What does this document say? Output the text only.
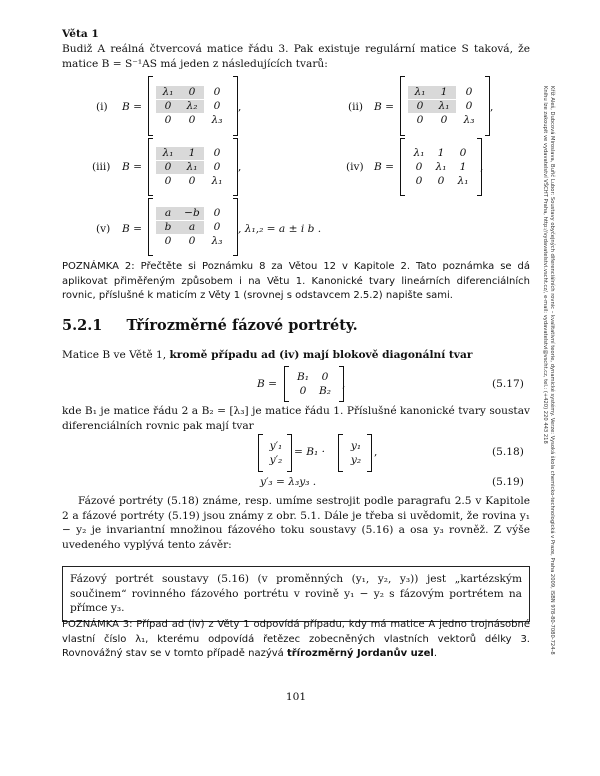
Věta 1
Budiž A reálná čtvercová matice řádu 3. Pak existuje regulární matice S taková, že matice B = S⁻¹AS má jeden z následujících tvarů:
(i) B =
λ₁	0	0
0	λ₂	0
0	0	λ₃
,	(ii) B =
λ₁	1	0
0	λ₁	0
0	0	λ₃
,
(iii) B =
λ₁	1	0
0	λ₁	0
0	0	λ₁
,	(iv) B =
λ₁	1	0
0	λ₁	1
0	0	λ₁
,
(v) B =
a	−b	0
b	a	0
0	0	λ₃
, λ₁,₂ = a ± i b .
POZNÁMKA 2: Přečtěte si Poznámku 8 za Větou 12 v Kapitole 2. Tato poznámka se dá aplikovat přiměřeným způsobem i na Větu 1. Kanonické tvary lineárních diferenciálních rovnic, příslušné k maticím z Věty 1 (srovnej s odstavcem 2.5.2) napište sami.
5.2.1 Třírozměrné fázové portréty.
Matice B ve Větě 1, kromě případu ad (iv) mají blokově diagonální tvar
B =
B₁	0
0	B₂
,	(5.17)
kde B₁ je matice řádu 2 a B₂ = [λ₃] je matice řádu 1. Příslušné kanonické tvary soustav diferenciálních rovnic pak mají tvar
y′₁
y′₂
= B₁ ·
y₁
y₂
,	(5.18)
y′₃ = λ₃y₃ .	(5.19)
Fázové portréty (5.18) známe, resp. umíme sestrojit podle paragrafu 2.5 v Kapitole 2 a fázové portréty (5.19) jsou známy z obr. 5.1. Dále je třeba si uvědomit, že rovina y₁ − y₂ je invariantní množinou fázového toku soustavy (5.16) a osa y₃ rovněž. Z výše uvedeného vyplývá tento závěr:
Fázový portrét soustavy (5.16) (v proměnných (y₁, y₂, y₃)) jest „kartézským součinem“ rovinného fázového portrétu v rovině y₁ − y₂ s fázovým portrétem na přímce y₃.
POZNÁMKA 3: Případ ad (iv) z Věty 1 odpovídá případu, kdy má matice A jedno trojnásobné vlastní číslo λ₁, kterému odpovídá řetězec zobecněných vlastních vektorů délky 3. Rovnovážný stav se v tomto případě nazývá třírozměrný Jordanův uzel.
101
Kříž Aleš, Dubcová Miroslava, Buřič Lubor: Soustavy obyčejných diferenciálních rovnic – kvalitativní teorie, dynamické systémy. Verze: Vysoká škola chemicko-technologická v Praze, Praha 2009, ISBN 978-80-7080-724-8
Knihu lze zakoupit ve vydavatelství VŠCHT Praha, http://vydavatelstvi.vscht.cz/, e-mail: vydavatelstvi@vscht.cz, tel.: (+420) 220 443 218
